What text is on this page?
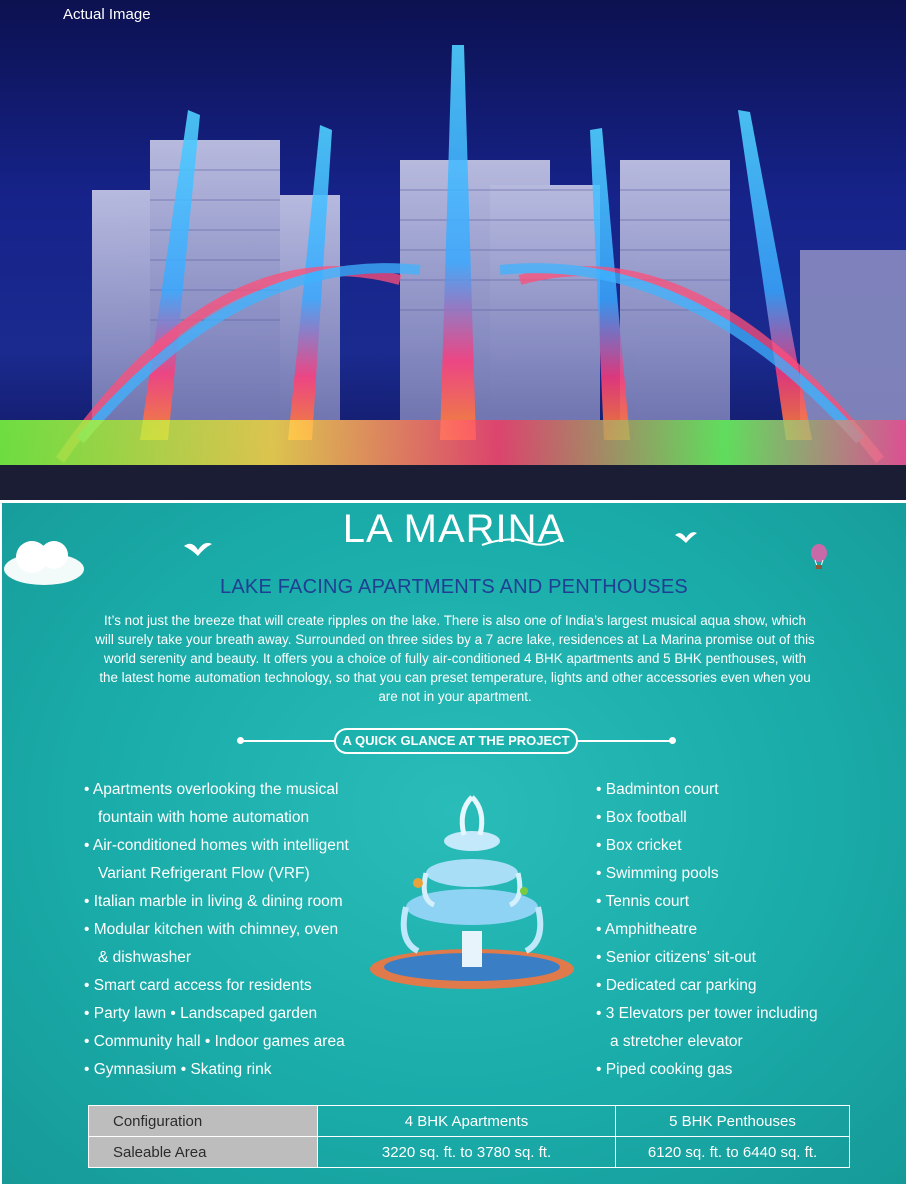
Actual Image
LA MARINA
LAKE FACING APARTMENTS AND PENTHOUSES

It’s not just the breeze that will create ripples on the lake. There is also one of India’s largest musical aqua show, which will surely take your breath away. Surrounded on three sides by a 7 acre lake, residences at La Marina promise out of this world serenity and beauty. It offers you a choice of fully air-conditioned 4 BHK apartments and 5 BHK penthouses, with the latest home automation technology, so that you can preset temperature, lights and other accessories even when you are not in your apartment.

A QUICK GLANCE AT THE PROJECT
• Apartments overlooking the musical
fountain with home automation
• Air-conditioned homes with intelligent
Variant Refrigerant Flow (VRF)
• Italian marble in living & dining room
• Modular kitchen with chimney, oven
& dishwasher
• Smart card access for residents
• Party lawn • Landscaped garden
• Community hall • Indoor games area
• Gymnasium • Skating rink
• Badminton court
• Box football
• Box cricket
• Swimming pools
• Tennis court
• Amphitheatre
• Senior citizens’ sit-out
• Dedicated car parking
• 3 Elevators per tower including
a stretcher elevator
• Piped cooking gas
Configuration	4 BHK Apartments	5 BHK Penthouses
Saleable Area	3220 sq. ft. to 3780 sq. ft.	6120 sq. ft. to 6440 sq. ft.
